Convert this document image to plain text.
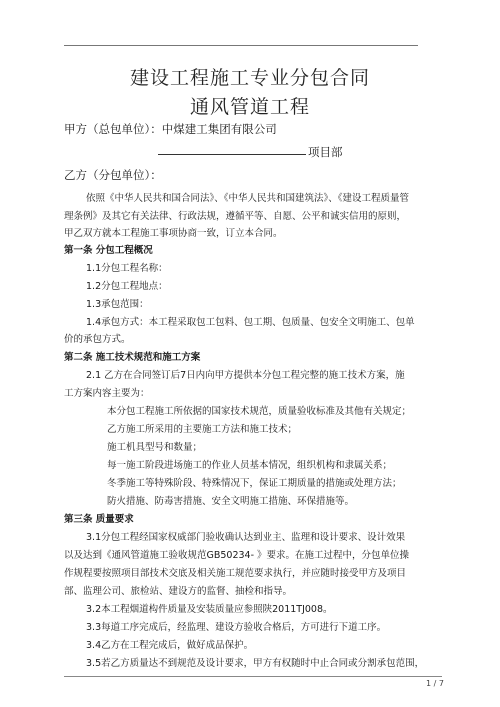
建设工程施工专业分包合同
通风管道工程
甲方（总包单位）：中煤建工集团有限公司
项目部
乙方（分包单位）：
依照《中华人民共和国合同法》、《中华人民共和国建筑法》、《建设工程质量管
理条例》及其它有关法律、行政法规，遵循平等、自愿、公平和诚实信用的原则，
甲乙双方就本工程施工事项协商一致，订立本合同。
第一条 分包工程概况
1.1分包工程名称：
1.2分包工程地点：
1.3承包范围：
1.4承包方式：本工程采取包工包料、包工期、包质量、包安全文明施工、包单
价的承包方式。
第二条 施工技术规范和施工方案
2.1 乙方在合同签订后7日内向甲方提供本分包工程完整的施工技术方案，施
工方案内容主要为：
本分包工程施工所依据的国家技术规范，质量验收标准及其他有关规定；
乙方施工所采用的主要施工方法和施工技术；
施工机具型号和数量；
每一施工阶段进场施工的作业人员基本情况，组织机构和隶属关系；
冬季施工等特殊阶段、特殊情况下，保证工期质量的措施或处理方法；
防火措施、防毒害措施、安全文明施工措施、环保措施等。
第三条 质量要求
3.1分包工程经国家权威部门验收确认达到业主、监理和设计要求、设计效果
以及达到《通风管道施工验收规范GB50234- 》要求。在施工过程中，分包单位操
作规程要按照项目部技术交底及相关施工规范要求执行，并应随时接受甲方及项目
部、监理公司、旅检站、建设方的监督、抽检和指导。
3.2本工程烟道构件质量及安装质量应参照陕2011TJ008。
3.3每道工序完成后，经监理、建设方验收合格后，方可进行下道工序。
3.4乙方在工程完成后，做好成品保护。
3.5若乙方质量达不到规范及设计要求，甲方有权随时中止合同或分割承包范围，
1 / 7
